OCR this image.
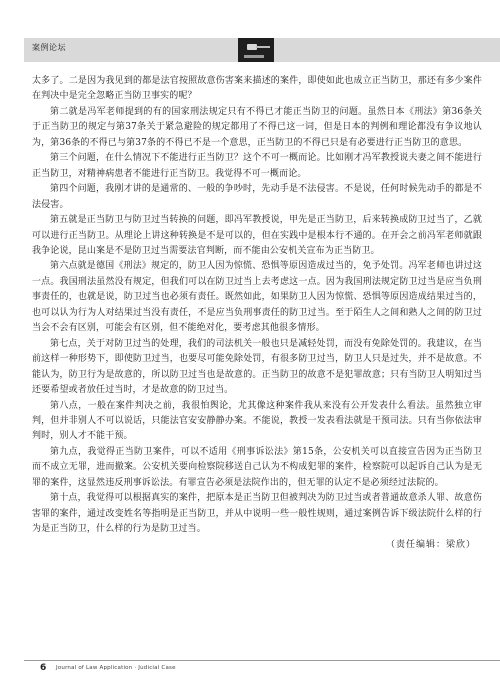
案例论坛

太多了。二是因为我见到的都是法官按照故意伤害案来描述的案件，即使如此也成立正当防卫，那还有多少案件在判决中是完全忽略正当防卫事实的呢？

第二就是冯军老师提到的有的国家刑法规定只有不得已才能正当防卫的问题。虽然日本《刑法》第36条关于正当防卫的规定与第37条关于紧急避险的规定都用了不得已这一词，但是日本的判例和理论都没有争议地认为，第36条的不得已与第37条的不得已不是一个意思，正当防卫的不得已只是有必要进行正当防卫的意思。

第三个问题，在什么情况下不能进行正当防卫？这个不可一概而论。比如刚才冯军教授说夫妻之间不能进行正当防卫，对精神病患者不能进行正当防卫。我觉得不可一概而论。

第四个问题，我刚才讲的是通常的、一般的争吵时，先动手是不法侵害。不是说，任何时候先动手的都是不法侵害。

第五就是正当防卫与防卫过当转换的问题，即冯军教授说，甲先是正当防卫，后来转换成防卫过当了，乙就可以进行正当防卫。从理论上讲这种转换是不是可以的，但在实践中是根本行不通的。在开会之前冯军老师就跟我争论说，昆山案是不是防卫过当需要法官判断，而不能由公安机关宣布为正当防卫。

第六点就是德国《刑法》规定的，防卫人因为惊慌、恐惧等原因造成过当的，免予处罚。冯军老师也讲过这一点。我国刑法虽然没有规定，但我们可以在防卫过当上去考虑这一点。因为我国刑法规定防卫过当是应当负刑事责任的，也就是说，防卫过当也必须有责任。既然如此，如果防卫人因为惊慌、恐惧等原因造成结果过当的，也可以认为行为人对结果过当没有责任，不是应当负刑事责任的防卫过当。至于陌生人之间和熟人之间的防卫过当会不会有区别，可能会有区别，但不能绝对化，要考虑其他很多情形。

第七点，关于对防卫过当的处理，我们的司法机关一般也只是减轻处罚，而没有免除处罚的。我建议，在当前这样一种形势下，即使防卫过当，也要尽可能免除处罚，有很多防卫过当，防卫人只是过失，并不是故意。不能认为，防卫行为是故意的，所以防卫过当也是故意的。正当防卫的故意不是犯罪故意；只有当防卫人明知过当还要希望或者放任过当时，才是故意的防卫过当。

第八点，一般在案件判决之前，我很怕舆论，尤其像这种案件我从来没有公开发表什么看法。虽然独立审判，但并非别人不可以说话，只能法官安安静静办案。不能说，教授一发表看法就是干预司法。只有当你依法审判时，别人才不能干预。

第九点，我觉得正当防卫案件，可以不适用《刑事诉讼法》第15条，公安机关可以直接宣告因为正当防卫而不成立无罪，进而撤案。公安机关要向检察院移送自己认为不构成犯罪的案件，检察院可以起诉自己认为是无罪的案件，这显然违反刑事诉讼法。有罪宣告必须是法院作出的，但无罪的认定不是必须经过法院的。

第十点，我觉得可以根据真实的案件，把原本是正当防卫但被判决为防卫过当或者普通故意杀人罪、故意伤害罪的案件，通过改变姓名等指明是正当防卫，并从中说明一些一般性规则，通过案例告诉下级法院什么样的行为是正当防卫，什么样的行为是防卫过当。

（责任编辑：梁欣）

6 Journal of Law Application · Judicial Case
